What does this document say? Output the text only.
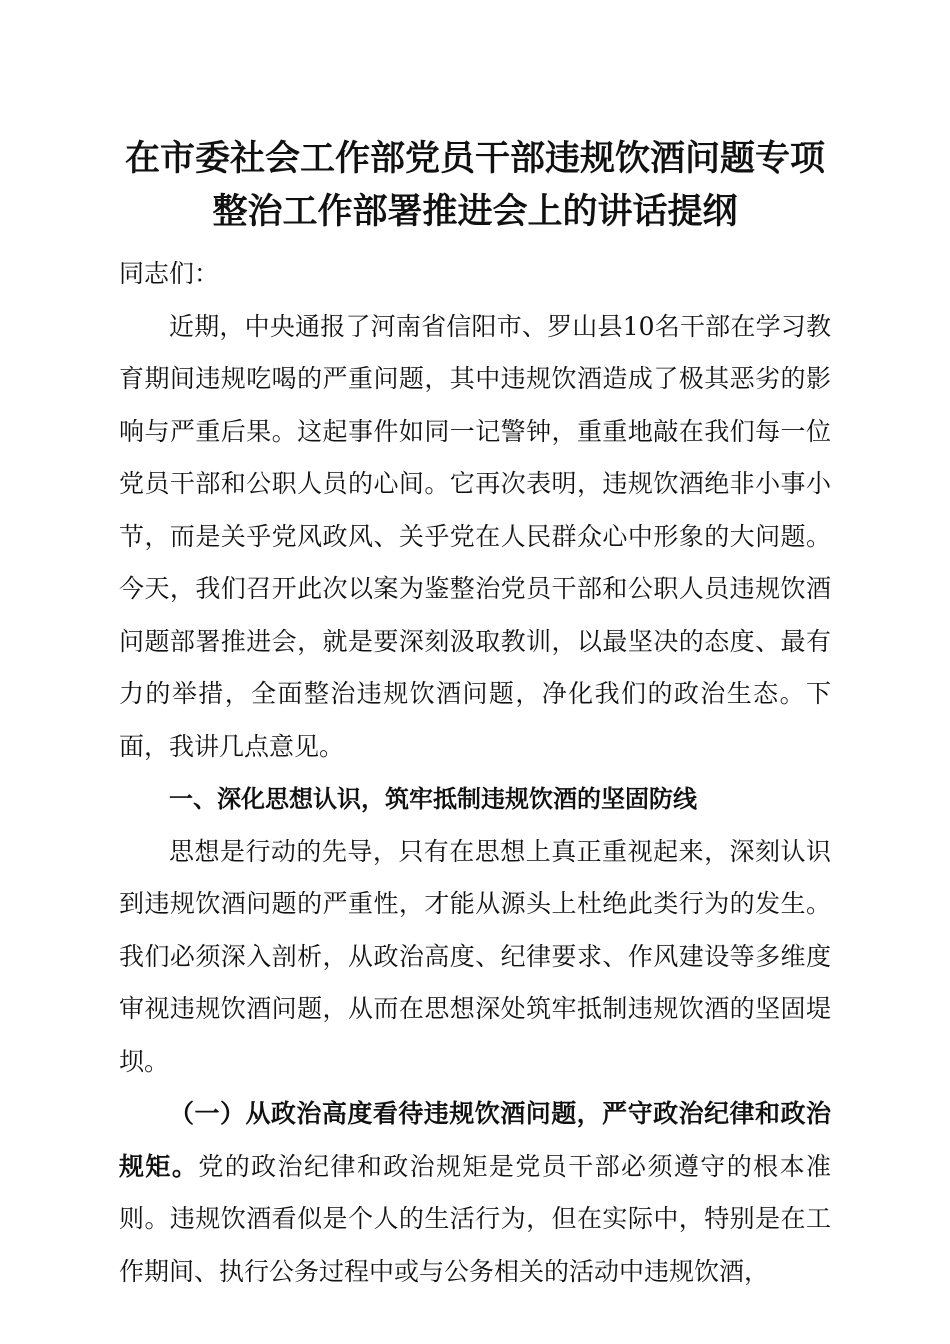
在市委社会工作部党员干部违规饮酒问题专项
整治工作部署推进会上的讲话提纲

同志们：

近期，中央通报了河南省信阳市、罗山县10名干部在学习教育期间违规吃喝的严重问题，其中违规饮酒造成了极其恶劣的影响与严重后果。这起事件如同一记警钟，重重地敲在我们每一位党员干部和公职人员的心间。它再次表明，违规饮酒绝非小事小节，而是关乎党风政风、关乎党在人民群众心中形象的大问题。今天，我们召开此次以案为鉴整治党员干部和公职人员违规饮酒问题部署推进会，就是要深刻汲取教训，以最坚决的态度、最有力的举措，全面整治违规饮酒问题，净化我们的政治生态。下面，我讲几点意见。

一、深化思想认识，筑牢抵制违规饮酒的坚固防线

思想是行动的先导，只有在思想上真正重视起来，深刻认识到违规饮酒问题的严重性，才能从源头上杜绝此类行为的发生。我们必须深入剖析，从政治高度、纪律要求、作风建设等多维度审视违规饮酒问题，从而在思想深处筑牢抵制违规饮酒的坚固堤坝。

（一）从政治高度看待违规饮酒问题，严守政治纪律和政治规矩。党的政治纪律和政治规矩是党员干部必须遵守的根本准则。违规饮酒看似是个人的生活行为，但在实际中，特别是在工作期间、执行公务过程中或与公务相关的活动中违规饮酒，
